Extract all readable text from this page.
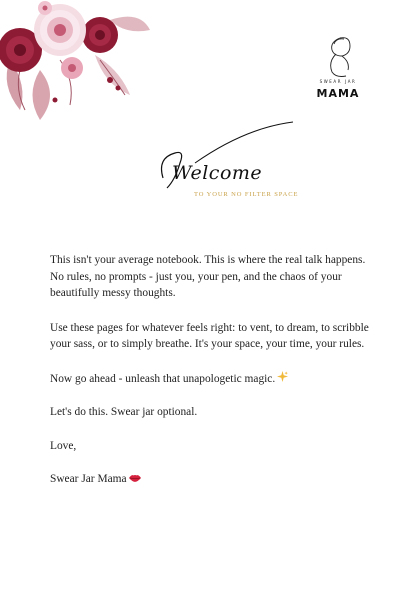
SWEAR JAR
MAMA
Welcome
TO YOUR NO FILTER SPACE

This isn't your average notebook. This is where the real talk happens. No rules, no prompts - just you, your pen, and the chaos of your beautifully messy thoughts.

Use these pages for whatever feels right: to vent, to dream, to scribble your sass, or to simply breathe. It's your space, your time, your rules.

Now go ahead - unleash that unapologetic magic.

Let's do this. Swear jar optional.

Love,

Swear Jar Mama
